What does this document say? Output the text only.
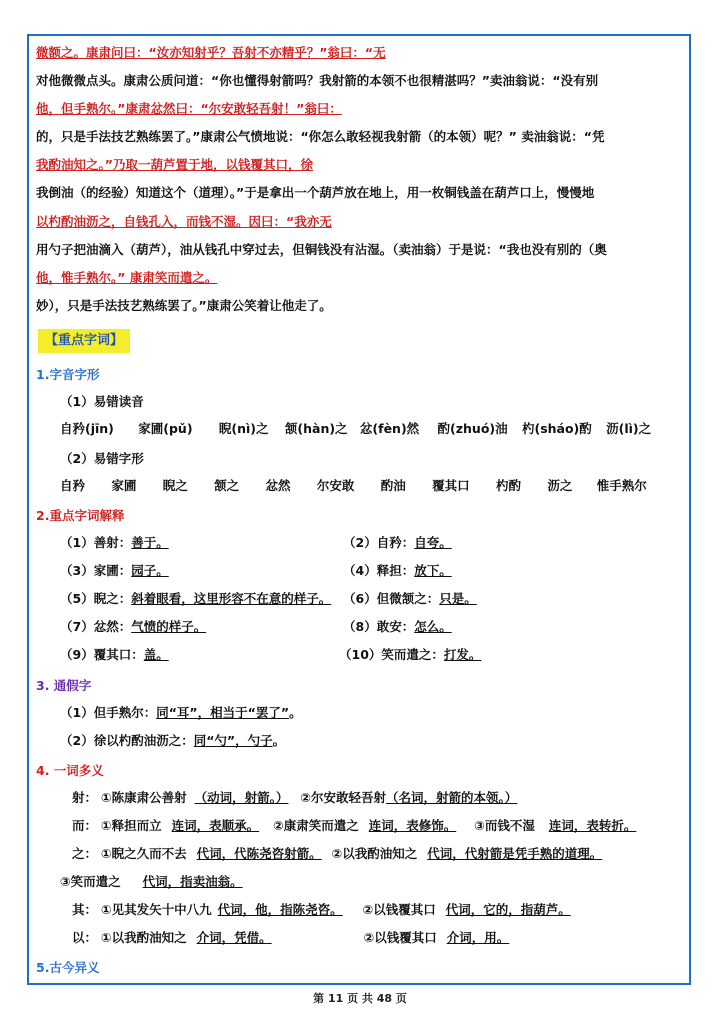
微额之。康肃问曰：“汝亦知射乎？吾射不亦精乎？”翁曰：“无
对他微微点头。康肃公质问道：“你也懂得射箭吗？我射箭的本领不也很精湛吗？”卖油翁说：“没有别
他，但手熟尔。”康肃忿然曰：“尔安敢轻吾射！”翁曰：
的，只是手法技艺熟练罢了。”康肃公气愤地说：“你怎么敢轻视我射箭（的本领）呢？” 卖油翁说：“凭
我酌油知之。”乃取一葫芦置于地，以钱覆其口，徐
我倒油（的经验）知道这个（道理）。”于是拿出一个葫芦放在地上，用一枚铜钱盖在葫芦口上，慢慢地
以杓酌油沥之，自钱孔入，而钱不湿。因曰：“我亦无
用勺子把油滴入（葫芦），油从钱孔中穿过去，但铜钱没有沾湿。（卖油翁）于是说：“我也没有别的（奥
他，惟手熟尔。” 康肃笑而遣之。
妙），只是手法技艺熟练罢了。”康肃公笑着让他走了。
【重点字词】
1.字音字形
（1）易错读音
自矜(jīn) 家圃(pǔ) 睨(nì)之 颔(hàn)之 忿(fèn)然 酌(zhuó)油 杓(sháo)酌 沥(lì)之
（2）易错字形
自矜 家圃 睨之 颔之 忿然 尔安敢 酌油 覆其口 杓酌 沥之 惟手熟尔
2.重点字词解释
（1）善射：善于。
（3）家圃：园子。
（5）睨之：斜着眼看，这里形容不在意的样子。
（7）忿然：气愤的样子。
（9）覆其口：盖。
（2）自矜：自夸。
（4）释担：放下。
（6）但微颔之：只是。
（8）敢安：怎么。
（10）笑而遣之：打发。
3. 通假字
（1）但手熟尔：同“耳”，相当于“罢了”。
（2）徐以杓酌油沥之：同“勺”，勺子。
4. 一词多义
射： ①陈康肃公善射 （动词，射箭。） ②尔安敢轻吾射（名词，射箭的本领。）
而： ①释担而立 连词，表顺承。 ②康肃笑而遣之 连词，表修饰。 ③而钱不湿 连词，表转折。
之： ①睨之久而不去 代词，代陈尧咨射箭。 ②以我酌油知之 代词，代射箭是凭手熟的道理。
③笑而遣之 代词，指卖油翁。
其： ①见其发矢十中八九 代词，他，指陈尧咨。 ②以钱覆其口 代词，它的，指葫芦。
以： ①以我酌油知之 介词，凭借。	②以钱覆其口 介词，用。
5.古今异义
第 11 页 共 48 页
